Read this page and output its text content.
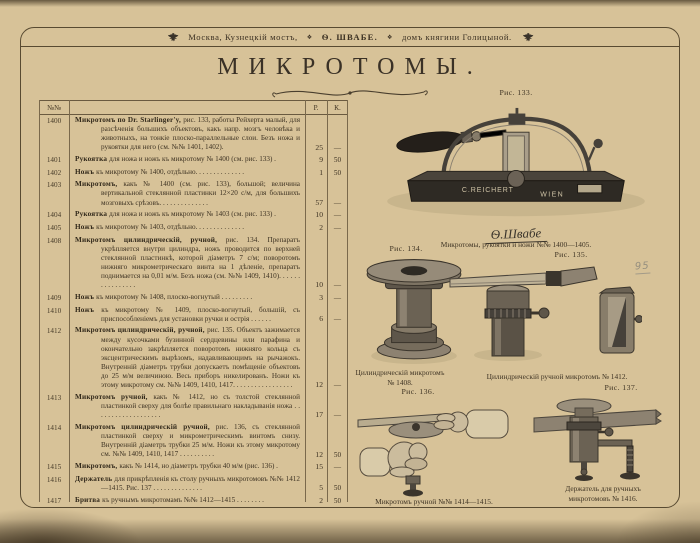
Москва, Кузнецкій мостъ, ❖ Ѳ. ШВАБЕ. ❖ домъ княгини Голицыной.
МИКРОТОМЫ.
№№	Р.	К.
1400	Микротомъ по Dr. Starlinger'y, рис. 133, работы Рейхерта малый, для разсѣченія большихъ объектовъ, какъ напр. мозгъ человѣка и животныхъ, на тонкіе плоско-параллельные слои. Безъ ножа и рукоятки для него (см. №№ 1401, 1402).	25	—
1401	Рукоятка для ножа и ножъ къ микротому № 1400 (см. рис. 133) .	9	50
1402	Ножъ къ микротому № 1400, отдѣльно. . . . . . . . . . . . . .	1	50
1403	Микротомъ, какъ № 1400 (см. рис. 133), большой; величина вертикальной стеклянной пластинки 12×20 с/м, для большихъ мозговыхъ срѣзовъ. . . . . . . . . . . . . .	57	—
1404	Рукоятка для ножа и ножъ къ микротому № 1403 (см. рис. 133) .	10	—
1405	Ножъ къ микротому № 1403, отдѣльно. . . . . . . . . . . . . .	2	—
1408	Микротомъ цилиндрическій, ручной, рис. 134. Препаратъ укрѣпляется внутри цилиндра, ножъ проводится по верхней стеклянной пластинкѣ, которой діаметръ 7 с/м; поворотомъ нижняго микрометрическаго винта на 1 дѣленіе, препаратъ поднимается на 0,01 м/м. Безъ ножа (см. №№ 1409, 1410). . . . . . . . . . . . . . . .	10	—
1409	Ножъ къ микротому № 1408, плоско-вогнутый . . . . . . . . .	3	—
1410	Ножъ къ микротому № 1409, плоско-вогнутый, большій, съ приспособленіемъ для установки ручки и острія . . . . . .	6	—
1412	Микротомъ цилиндрическій, ручной, рис. 135. Объектъ зажимается между кусочками бузинной сердцевины или парафина и окончательно закрѣпляется поворотомъ нижняго кольца съ эксцентрическимъ вырѣзомъ, надавливающимъ на рычажокъ. Внутренній діаметръ трубки допускаетъ помѣщеніе объектовъ до 25 м/м величиною. Весь приборъ никелированъ. Ножи къ этому микротому см. №№ 1409, 1410, 1417. . . . . . . . . . . . . . . . .	12	—
1413	Микротомъ ручной, какъ № 1412, но съ толстой стеклянной пластинкой сверху для болѣе правильнаго накладыванія ножа . . . . . . . . . . . . . . . . . . .	17	—
1414	Микротомъ цилиндрическій ручной, рис. 136, съ стеклянной пластинкой сверху и микрометрическимъ винтомъ снизу. Внутренній діаметръ трубки 25 м/м. Ножи къ этому микротому см. №№ 1409, 1410, 1417 . . . . . . . . . .	12	50
1415	Микротомъ, какъ № 1414, но діаметръ трубки 40 м/м (рис. 136) .	15	—
1416	Держатель для прикрѣпленія къ столу ручныхъ микротомовъ №№ 1412—1415. Рис. 137 . . . . . . . . . . . . . .	5	50
1417	Бритва къ ручнымъ микротомамъ №№ 1412—1415 . . . . . . . .	2	50
Рис. 133.
C.REICHERT
WIEN
Ѳ.Швабе
Микротомы, рукоятки и ножи №№ 1400—1405.
Рис. 134.
Цилиндрическій микротомъ
№ 1408.
Рис. 135.
Цилиндрическій ручной микротомъ № 1412.
95
Рис. 136.
Микротомъ ручной №№ 1414—1415.
Рис. 137.
Держатель для ручныхъ
микротомовъ № 1416.
